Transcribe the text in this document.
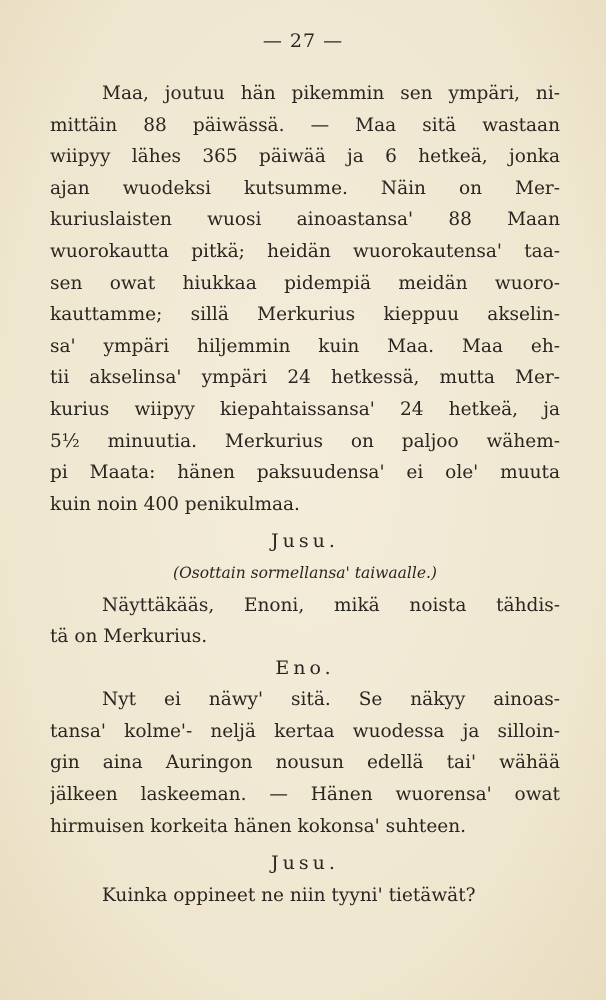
— 27 —
Maa, joutuu hän pikemmin sen ympäri, ni-
mittäin 88 päiwässä. — Maa sitä wastaan
wiipyy lähes 365 päiwää ja 6 hetkeä, jonka
ajan wuodeksi kutsumme. Näin on Mer-
kuriuslaisten wuosi ainoastansa' 88 Maan
wuorokautta pitkä; heidän wuorokautensa' taa-
sen owat hiukkaa pidempiä meidän wuoro-
kauttamme; sillä Merkurius kieppuu akselin-
sa' ympäri hiljemmin kuin Maa. Maa eh-
tii akselinsa' ympäri 24 hetkessä, mutta Mer-
kurius wiipyy kiepahtaissansa' 24 hetkeä, ja
5½ minuutia. Merkurius on paljoo wähem-
pi Maata: hänen paksuudensa' ei ole' muuta
kuin noin 400 penikulmaa.
Jusu.
(Osottain sormellansa' taiwaalle.)
Näyttäkääs, Enoni, mikä noista tähdis-
tä on Merkurius.
Eno.
Nyt ei näwy' sitä. Se näkyy ainoas-
tansa' kolme'- neljä kertaa wuodessa ja silloin-
gin aina Auringon nousun edellä tai' wähää
jälkeen laskeeman. — Hänen wuorensa' owat
hirmuisen korkeita hänen kokonsa' suhteen.
Jusu.
Kuinka oppineet ne niin tyyni' tietäwät?
